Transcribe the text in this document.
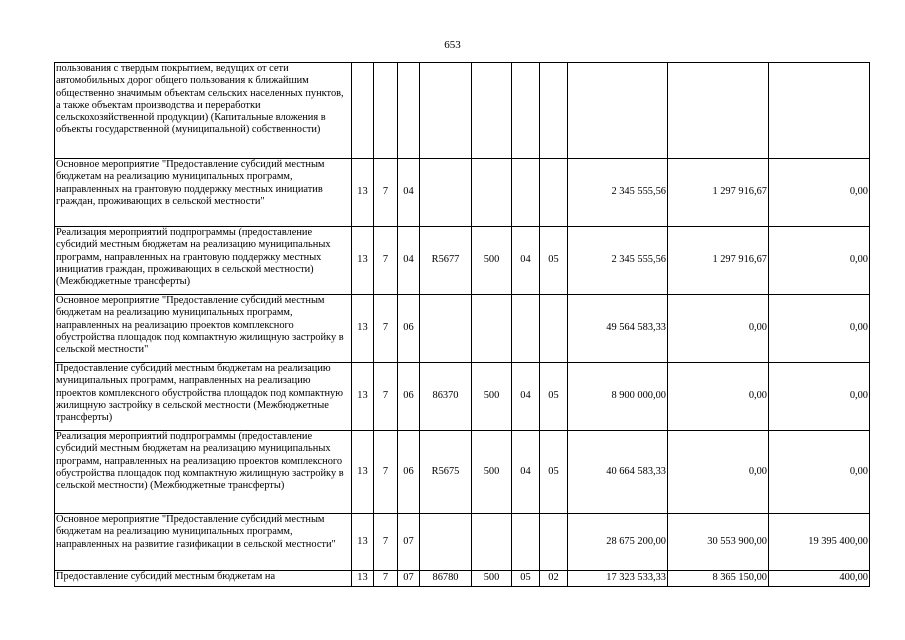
653
пользования с твердым покрытием, ведущих от сети автомобильных дорог общего пользования к ближайшим общественно значимым объектам сельских населенных пунктов, а также объектам производства и переработки сельскохозяйственной продукции) (Капитальные вложения в объекты государственной (муниципальной) собственности)										
Основное мероприятие "Предоставление субсидий местным бюджетам на реализацию муниципальных программ, направленных на грантовую поддержку местных инициатив граждан, проживающих в сельской местности"	13	7	04					2 345 555,56	1 297 916,67	0,00
Реализация мероприятий подпрограммы (предоставление субсидий местным бюджетам на реализацию муниципальных программ, направленных на грантовую поддержку местных инициатив граждан, проживающих в сельской местности) (Межбюджетные трансферты)	13	7	04	R5677	500	04	05	2 345 555,56	1 297 916,67	0,00
Основное мероприятие "Предоставление субсидий местным бюджетам на реализацию муниципальных программ, направленных на реализацию проектов комплексного обустройства площадок под компактную жилищную застройку в сельской местности"	13	7	06					49 564 583,33	0,00	0,00
Предоставление субсидий местным бюджетам на реализацию муниципальных программ, направленных на реализацию проектов комплексного обустройства площадок под компактную жилищную застройку в сельской местности (Межбюджетные трансферты)	13	7	06	86370	500	04	05	8 900 000,00	0,00	0,00
Реализация мероприятий подпрограммы (предоставление субсидий местным бюджетам на реализацию муниципальных программ, направленных на реализацию проектов комплексного обустройства площадок под компактную жилищную застройку в сельской местности) (Межбюджетные трансферты)	13	7	06	R5675	500	04	05	40 664 583,33	0,00	0,00
Основное мероприятие "Предоставление субсидий местным бюджетам на реализацию муниципальных программ, направленных на развитие газификации в сельской местности"	13	7	07					28 675 200,00	30 553 900,00	19 395 400,00
Предоставление субсидий местным бюджетам на	13	7	07	86780	500	05	02	17 323 533,33	8 365 150,00	400,00
